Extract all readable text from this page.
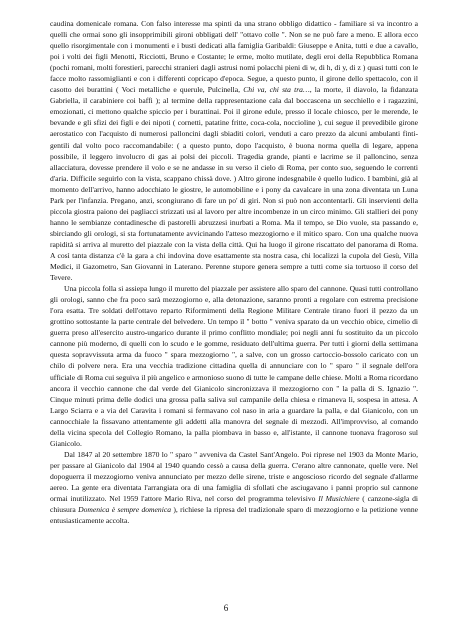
caudina domenicale romana. Con falso interesse ma spinti da una strano obbligo didattico - familiare si va incontro a quelli che ormai sono gli insopprimibili gironi obbligati dell' "ottavo colle ". Non se ne può fare a meno. E allora ecco quello risorgimentale con i monumenti e i busti dedicati alla famiglia Garibaldi: Giuseppe e Anita, tutti e due a cavallo, poi i volti dei figli Menotti, Ricciotti, Bruno e Costante; le erme, molto mutilate, degli eroi della Repubblica Romana (pochi romani, molti forestieri, parecchi stranieri dagli astrusi nomi polacchi pieni di w, di h, di y, di z ) quasi tutti con le facce molto rassomiglianti e con i differenti copricapo d'epoca. Segue, a questo punto, il girone dello spettacolo, con il casotto dei burattini ( Voci metalliche e querule, Pulcinella, Chi va, chi sta tra…, la morte, il diavolo, la fidanzata Gabriella, il carabiniere coi baffi ); al termine della rappresentazione cala dal boccascena un secchiello e i ragazzini, emozionati, ci mettono qualche spiccio per i burattinai. Poi il girone edule, presso il locale chiosco, per le merende, le bevande e gli sfizi dei figli e dei nipoti ( cornetti, patatine fritte, coca-cola, noccioline ), cui segue il prevedibile girone aerostatico con l'acquisto di numerosi palloncini dagli sbiaditi colori, venduti a caro prezzo da alcuni ambulanti finti-gentili dal volto poco raccomandabile: ( a questo punto, dopo l'acquisto, è buona norma quella di legare, appena possibile, il leggero involucro di gas ai polsi dei piccoli. Tragedia grande, pianti e lacrime se il palloncino, senza allacciatura, dovesse prendere il volo e se ne andasse in su verso il cielo di Roma, per conto suo, seguendo le correnti d'aria. Difficile seguirlo con la vista, scappano chissà dove. ) Altro girone indesgnabile è quello ludico. I bambini, già al momento dell'arrivo, hanno adocchiato le giostre, le automobiline e i pony da cavalcare in una zona diventata un Luna Park per l'infanzia. Pregano, anzi, scongiurano di fare un po' di giri. Non si può non accontentarli. Gli inservienti della piccola giostra paiono dei pagliacci strizzati usi al lavoro per altre incombenze in un circo minimo. Gli stallieri dei pony hanno le sembianze contadinesche di pastorelli abruzzesi inurbati a Roma. Ma il tempo, se Dio vuole, sta passando e, sbirciando gli orologi, si sta fortunatamente avvicinando l'atteso mezzogiorno e il mitico sparo. Con una qualche nuova rapidità si arriva al muretto del piazzale con la vista della città. Qui ha luogo il girone riscattato del panorama di Roma. A così tanta distanza c'è la gara a chi indovina dove esattamente sta nostra casa, chi localizzi la cupola del Gesù, Villa Medici, il Gazometro, San Giovanni in Laterano. Perenne stupore genera sempre a tutti come sia tortuoso il corso del Tevere.

Una piccola folla si assiepa lungo il muretto del piazzale per assistere allo sparo del cannone. Quasi tutti controllano gli orologi, sanno che fra poco sarà mezzogiorno e, alla detonazione, saranno pronti a regolare con estrema precisione l'ora esatta. Tre soldati dell'ottavo reparto Riformimenti della Regione Militare Centrale tirano fuori il pezzo da un grottino sottostante la parte centrale del belvedere. Un tempo il " botto " veniva sparato da un vecchio obice, cimelio di guerra preso all'esercito austro-ungarico durante il primo conflitto mondiale; poi negli anni fu sostituito da un piccolo cannone più moderno, di quelli con lo scudo e le gomme, residuato dell'ultima guerra. Per tutti i giorni della settimana questa sopravvissuta arma da fuoco " spara mezzogiorno ", a salve, con un grosso cartoccio-bossolo caricato con un chilo di polvere nera. Era una vecchia tradizione cittadina quella di annunciare con lo " sparo " il segnale dell'ora ufficiale di Roma cui seguiva il più angelico e armonioso suono di tutte le campane delle chiese. Molti a Roma ricordano ancora il vecchio cannone che dal verde del Gianicolo sincronizzava il mezzogiorno con " la palla di S. Ignazio ". Cinque minuti prima delle dodici una grossa palla saliva sul campanile della chiesa e rimaneva lì, sospesa in attesa. A Largo Sciarra e a via del Caravita i romani si fermavano col naso in aria a guardare la palla, e dal Gianicolo, con un cannocchiale la fissavano attentamente gli addetti alla manovra del segnale di mezzodì. All'improvviso, al comando della vicina specola del Collegio Romano, la palla piombava in basso e, all'istante, il cannone tuonava fragoroso sul Gianicolo.

Dal 1847 al 20 settembre 1870 lo " sparo " avveniva da Castel Sant'Angelo. Poi riprese nel 1903 da Monte Mario, per passare al Gianicolo dal 1904 al 1940 quando cessò a causa della guerra. C'erano altre cannonate, quelle vere. Nel dopoguerra il mezzogiorno veniva annunciato per mezzo delle sirene, triste e angoscioso ricordo del segnale d'allarme aereo. La gente era diventata l'arrangiata ora di una famiglia di sfollati che asciugavano i panni proprio sul cannone ormai inutilizzato. Nel 1959 l'attore Mario Riva, nel corso del programma televisivo Il Musichiere ( canzone-sigla di chiusura Domenica è sempre domenica ), richiese la ripresa del tradizionale sparo di mezzogiorno e la petizione venne entusiasticamente accolta.

6
